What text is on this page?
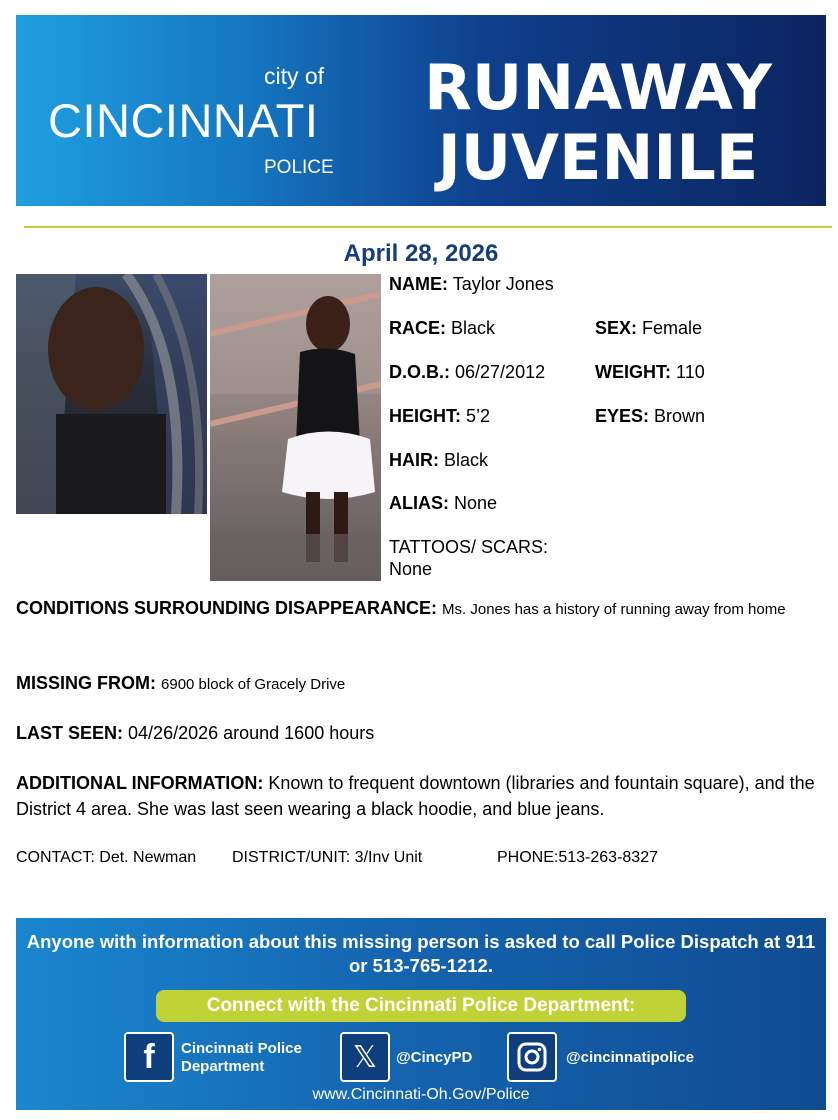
city of
CINCINNATI
POLICE
RUNAWAY
JUVENILE
April 28, 2026
NAME: Taylor Jones
RACE: Black	SEX: Female
D.O.B.: 06/27/2012	WEIGHT: 110
HEIGHT: 5’2	EYES: Brown
HAIR: Black
ALIAS: None
TATTOOS/ SCARS:
None
CONDITIONS SURROUNDING DISAPPEARANCE: Ms. Jones has a history of running away from home
MISSING FROM: 6900 block of Gracely Drive
LAST SEEN: 04/26/2026 around 1600 hours
ADDITIONAL INFORMATION: Known to frequent downtown (libraries and fountain square), and the District 4 area. She was last seen wearing a black hoodie, and blue jeans.
CONTACT: Det. Newman DISTRICT/UNIT: 3/Inv Unit	PHONE:513-263-8327
Anyone with information about this missing person is asked to call Police Dispatch at 911 or 513-765-1212.
Connect with the Cincinnati Police Department:
f Cincinnati Police
Department	𝕏 @CincyPD	@cincinnatipolice
www.Cincinnati-Oh.Gov/Police
